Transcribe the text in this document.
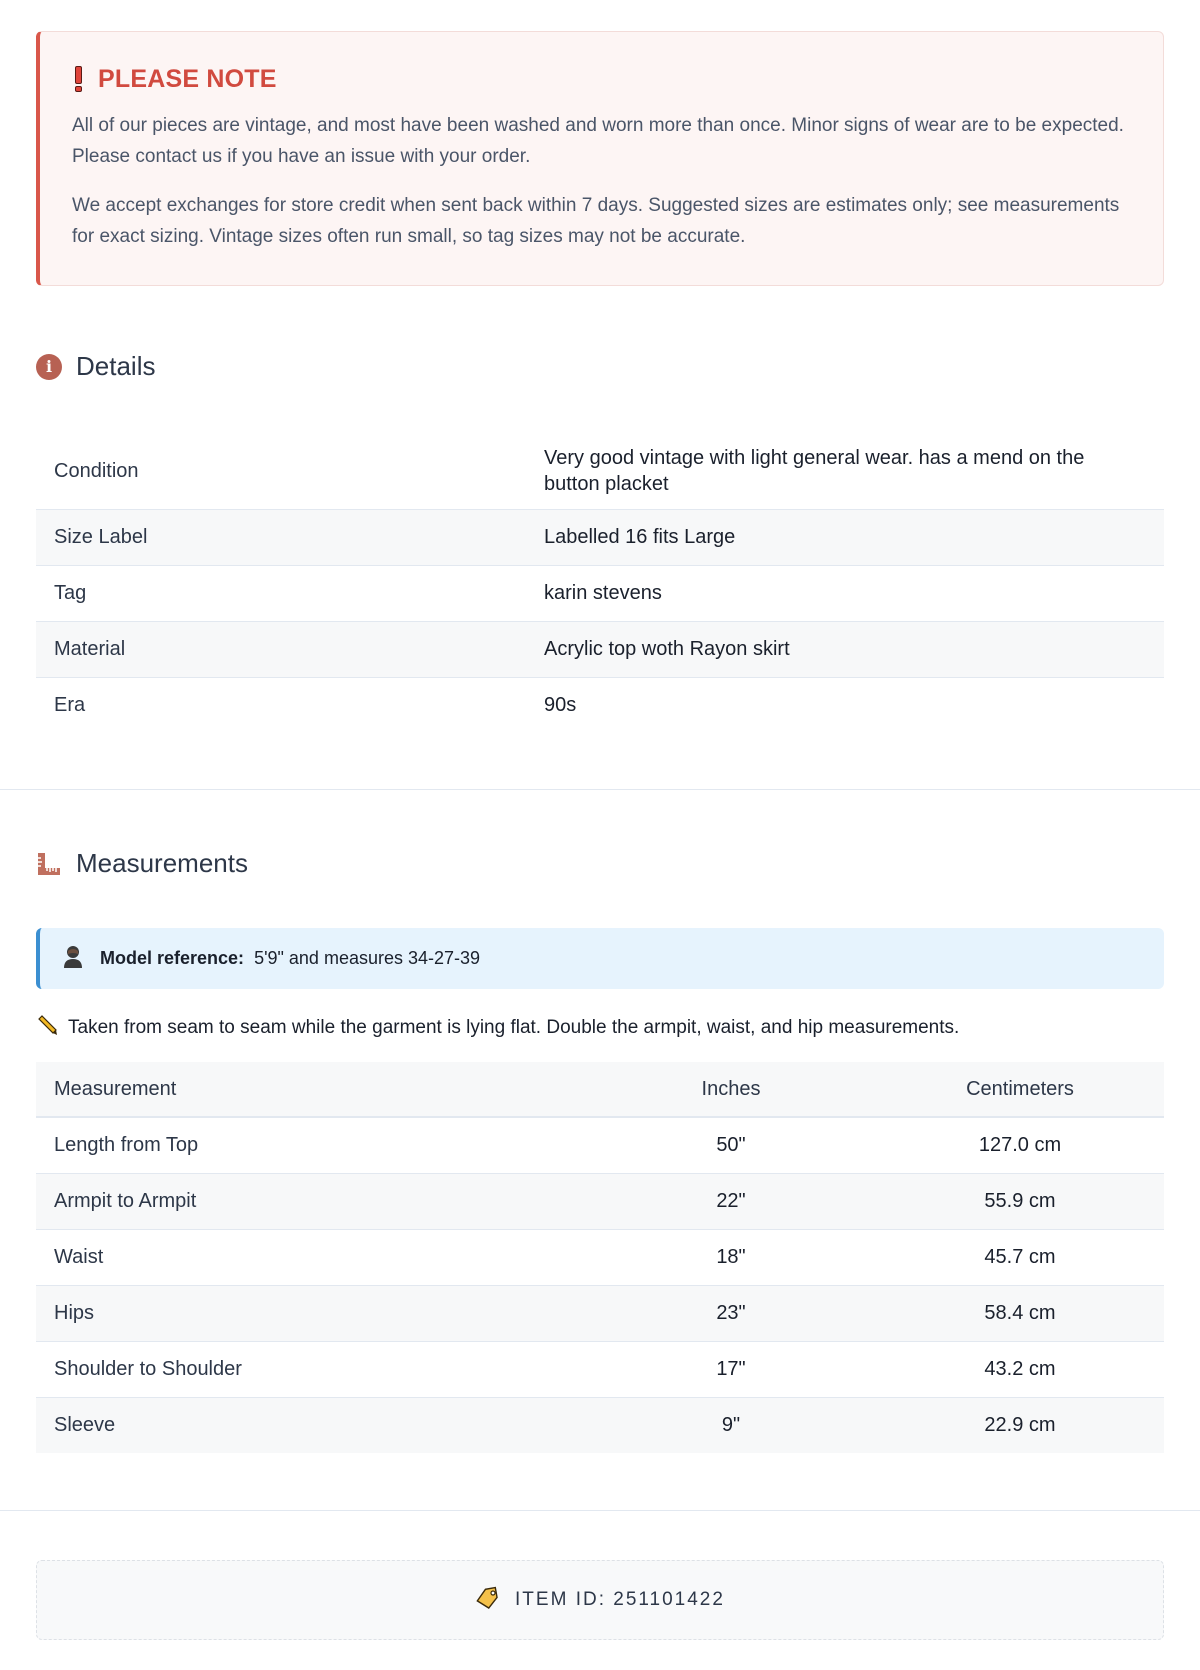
PLEASE NOTE

All of our pieces are vintage, and most have been washed and worn more than once. Minor signs of wear are to be expected. Please contact us if you have an issue with your order.

We accept exchanges for store credit when sent back within 7 days. Suggested sizes are estimates only; see measurements for exact sizing. Vintage sizes often run small, so tag sizes may not be accurate.

i Details
Condition	Very good vintage with light general wear. has a mend on the button placket
Size Label	Labelled 16 fits Large
Tag	karin stevens
Material	Acrylic top woth Rayon skirt
Era	90s
Measurements
Model reference: 5'9" and measures 34-27-39
Taken from seam to seam while the garment is lying flat. Double the armpit, waist, and hip measurements.
Measurement	Inches	Centimeters
Length from Top	50"	127.0 cm
Armpit to Armpit	22"	55.9 cm
Waist	18"	45.7 cm
Hips	23"	58.4 cm
Shoulder to Shoulder	17"	43.2 cm
Sleeve	9"	22.9 cm
ITEM ID: 251101422
